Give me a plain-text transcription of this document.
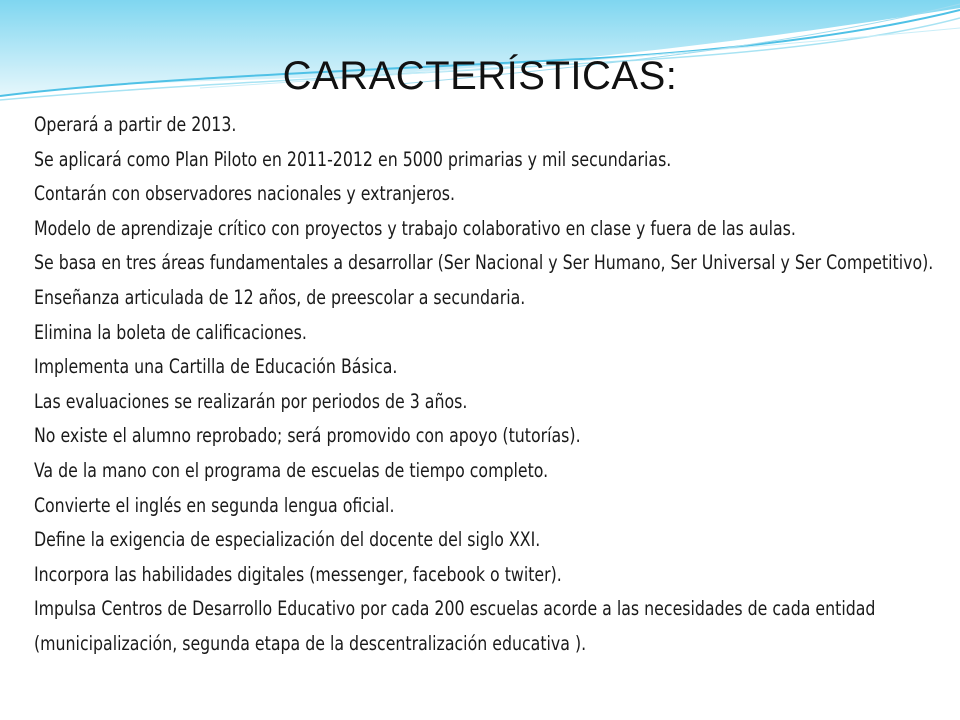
CARACTERÍSTICAS:
Operará a partir de 2013.
Se aplicará como Plan Piloto en 2011-2012 en 5000 primarias y mil secundarias.
Contarán con observadores nacionales y extranjeros.
Modelo de aprendizaje crítico con proyectos y trabajo colaborativo en clase y fuera de las aulas.
Se basa en tres áreas fundamentales a desarrollar (Ser Nacional y Ser Humano, Ser Universal y Ser Competitivo).
Enseñanza articulada de 12 años, de preescolar a secundaria.
Elimina la boleta de calificaciones.
Implementa una Cartilla de Educación Básica.
Las evaluaciones se realizarán por periodos de 3 años.
No existe el alumno reprobado; será promovido con apoyo (tutorías).
Va de la mano con el programa de escuelas de tiempo completo.
Convierte el inglés en segunda lengua oficial.
Define la exigencia de especialización del docente del siglo XXI.
Incorpora las habilidades digitales (messenger, facebook o twiter).
Impulsa Centros de Desarrollo Educativo por cada 200 escuelas acorde a las necesidades de cada entidad (municipalización, segunda etapa de la descentralización educativa ).
